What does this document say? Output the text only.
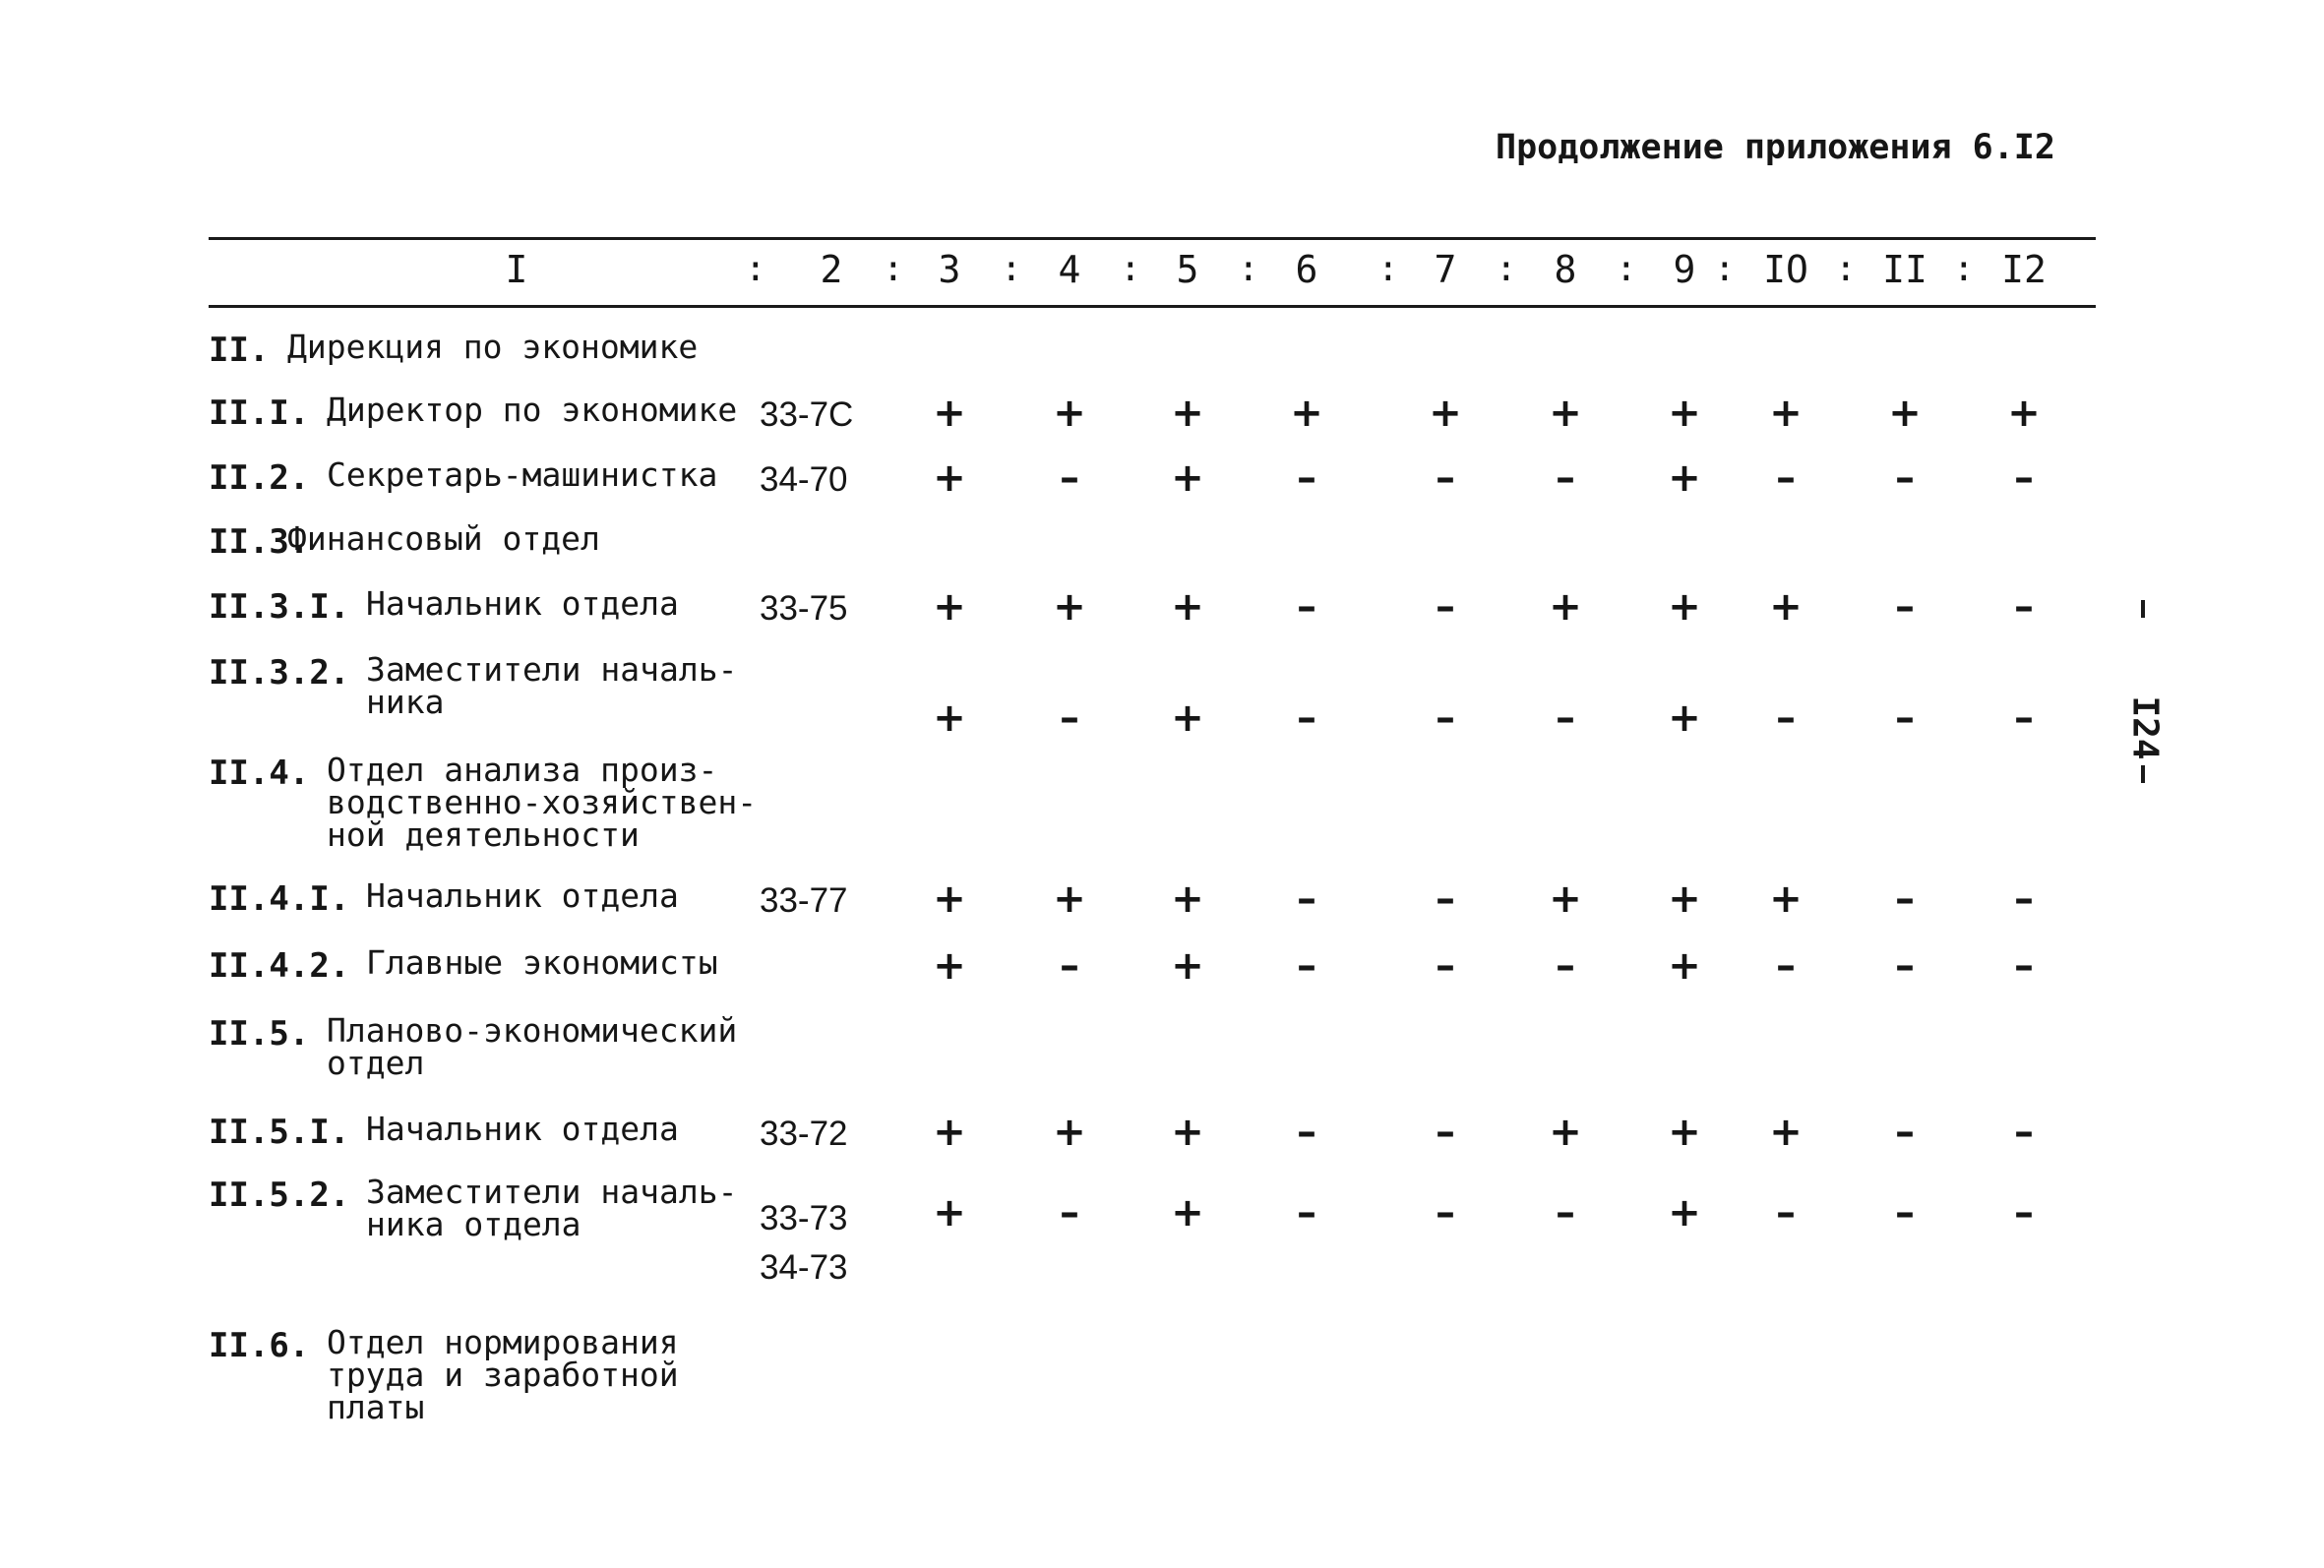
Продолжение приложения 6.I2
I	2	3	4	5	6	7	8	9	IO	II	I2
:	:	:	:	:	:	:	: :	:	:
II. Дирекция по экономике
II.I. Директор по экономике 33-7C + + + +	+ + + + + +
II.2. Секретарь-машинистка 34-70 + – + –	–	– + –	–	–
II.3.
Финансовый отдел
II.3.I. Начальник отдела 33-75 + + + –	– + + + –	–
II.3.2. Заместители началь-
ника	+ – + –	–	– + –	–	–
II.4. Отдел анализа произ-
водственно-хозяйствен-
ной деятельности
II.4.I. Начальник отдела 33-77 + + + –	– + + + –	–
II.4.2. Главные экономисты	+ – + –	–	– + –	–	–
II.5. Планово-экономический
отдел
II.5.I. Начальник отдела 33-72 + + + –	– + + + –	–
II.5.2. Заместители началь-
ника отдела	33-73
34-73
+ – + –	–	– + –	–	–
II.6. Отдел нормирования
труда и заработной
платы
I24
